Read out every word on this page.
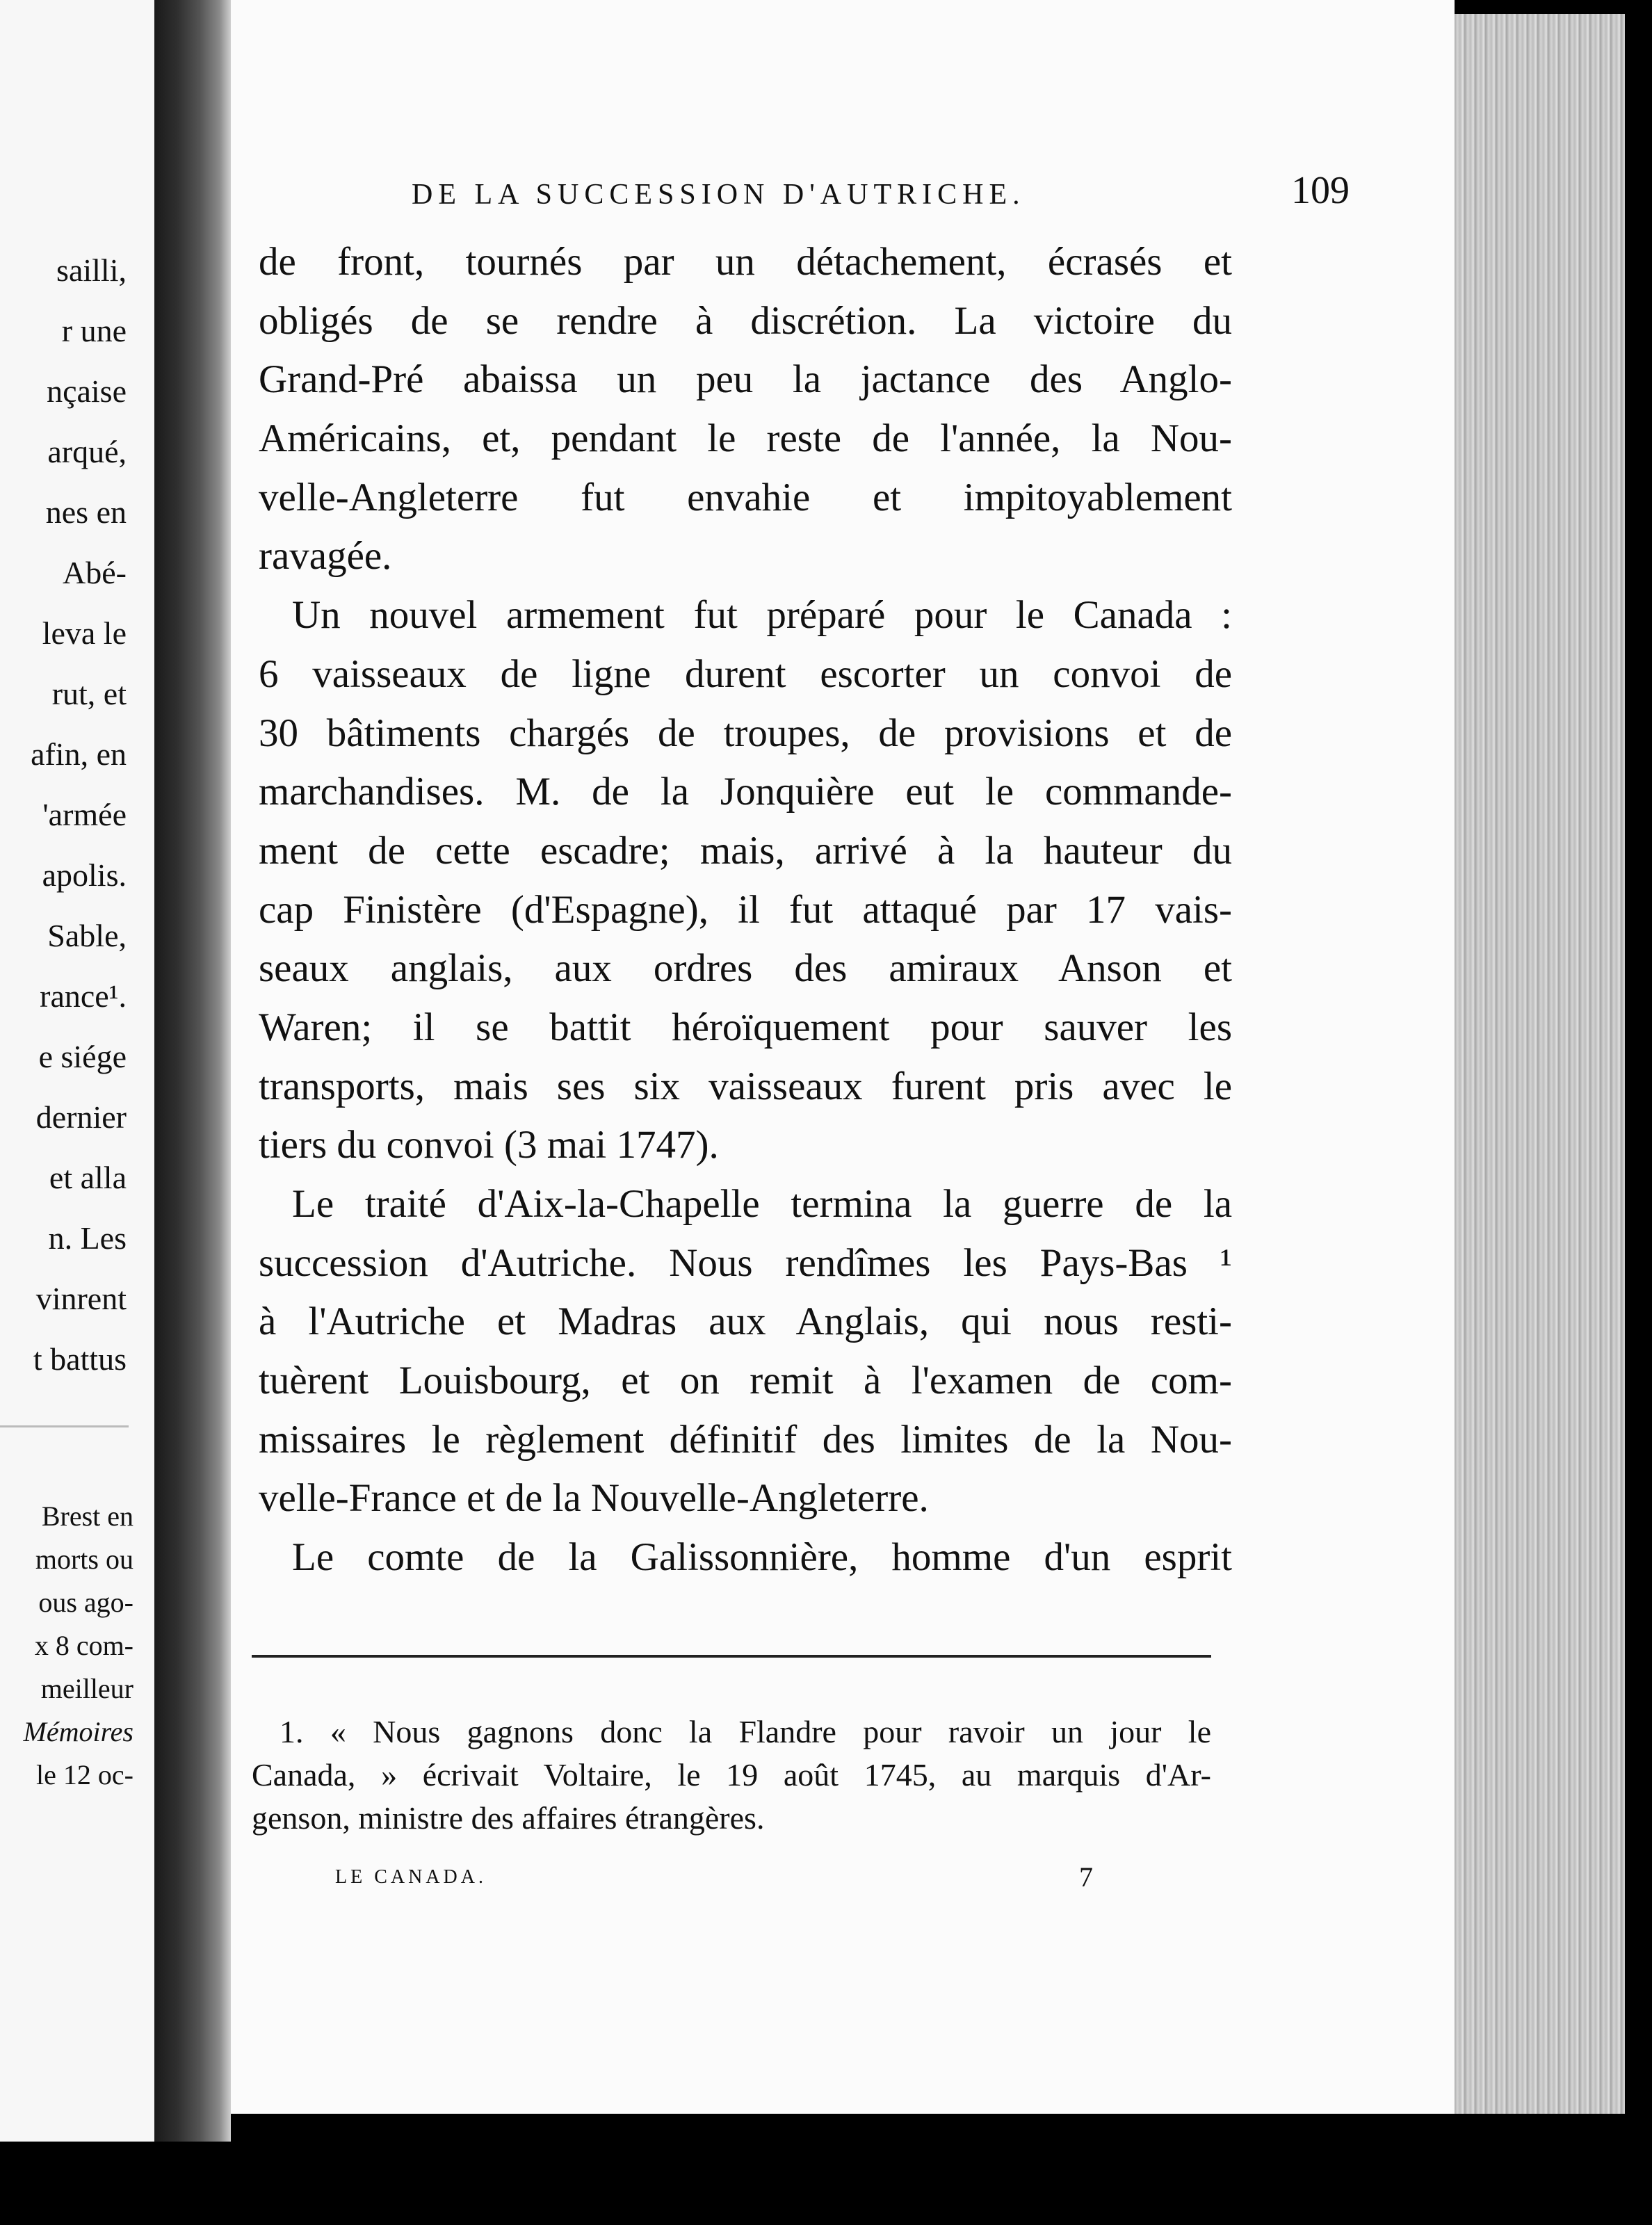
sailli,
r une
nçaise
arqué,
nes en
Abé-
leva le
rut, et
afin, en
'armée
apolis.
Sable,
rance¹.
e siége
dernier
et alla
n. Les
vinrent
t battus
Brest en
morts ou
ous ago-
x 8 com-
meilleur
Mémoires
le 12 oc-
DE LA SUCCESSION D'AUTRICHE.	109
de front, tournés par un détachement, écrasés et
obligés de se rendre à discrétion. La victoire du
Grand-Pré abaissa un peu la jactance des Anglo-
Américains, et, pendant le reste de l'année, la Nou-
velle-Angleterre fut envahie et impitoyablement
ravagée.
Un nouvel armement fut préparé pour le Canada :
6 vaisseaux de ligne durent escorter un convoi de
30 bâtiments chargés de troupes, de provisions et de
marchandises. M. de la Jonquière eut le commande-
ment de cette escadre; mais, arrivé à la hauteur du
cap Finistère (d'Espagne), il fut attaqué par 17 vais-
seaux anglais, aux ordres des amiraux Anson et
Waren; il se battit héroïquement pour sauver les
transports, mais ses six vaisseaux furent pris avec le
tiers du convoi (3 mai 1747).
Le traité d'Aix-la-Chapelle termina la guerre de la
succession d'Autriche. Nous rendîmes les Pays-Bas ¹
à l'Autriche et Madras aux Anglais, qui nous resti-
tuèrent Louisbourg, et on remit à l'examen de com-
missaires le règlement définitif des limites de la Nou-
velle-France et de la Nouvelle-Angleterre.
Le comte de la Galissonnière, homme d'un esprit
1. « Nous gagnons donc la Flandre pour ravoir un jour le
Canada, » écrivait Voltaire, le 19 août 1745, au marquis d'Ar-
genson, ministre des affaires étrangères.
LE CANADA.	7
